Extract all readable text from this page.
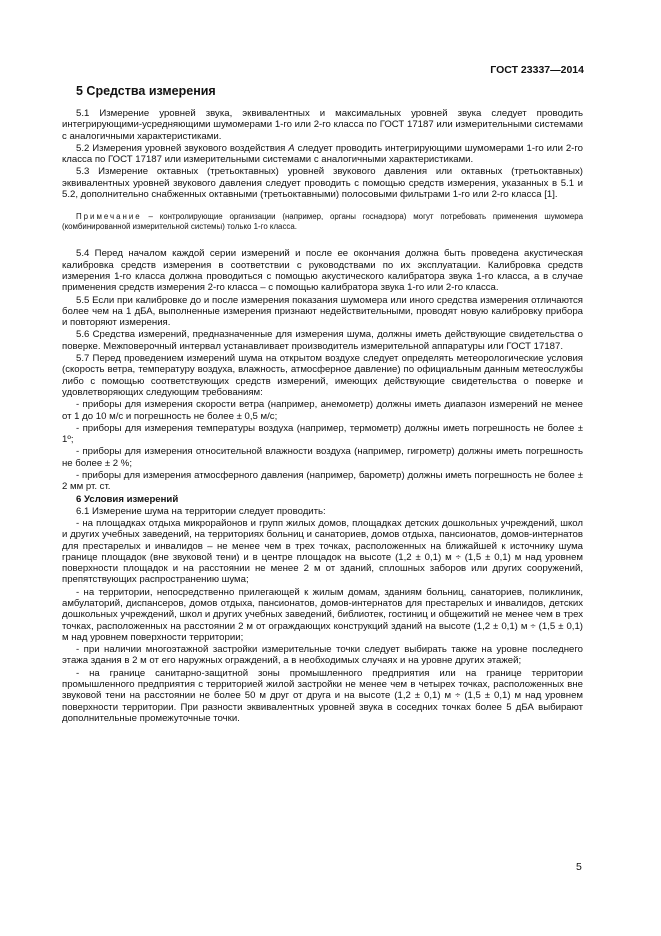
ГОСТ 23337—2014

5 Средства измерения

5.1 Измерение уровней звука, эквивалентных и максимальных уровней звука следует проводить интегрирующими-усредняющими шумомерами 1-го или 2-го класса по ГОСТ 17187 или измерительными системами с аналогичными характеристиками.

5.2 Измерения уровней звукового воздействия А следует проводить интегрирующими шумомерами 1-го или 2-го класса по ГОСТ 17187 или измерительными системами с аналогичными характеристиками.

5.3 Измерение октавных (третьоктавных) уровней звукового давления или октавных (третьоктавных) эквивалентных уровней звукового давления следует проводить с помощью средств измерения, указанных в 5.1 и 5.2, дополнительно снабженных октавными (третьоктавными) полосовыми фильтрами 1-го или 2-го класса [1].

Примечание – контролирующие организации (например, органы госнадзора) могут потребовать применения шумомера (комбинированной измерительной системы) только 1-го класса.

5.4 Перед началом каждой серии измерений и после ее окончания должна быть проведена акустическая калибровка средств измерения в соответствии с руководствами по их эксплуатации. Калибровка средств измерения 1-го класса должна проводиться с помощью акустического калибратора звука 1-го класса, а в случае применения средств измерения 2-го класса – с помощью калибратора звука 1-го или 2-го класса.

5.5 Если при калибровке до и после измерения показания шумомера или иного средства измерения отличаются более чем на 1 дБА, выполненные измерения признают недействительными, проводят новую калибровку прибора и повторяют измерения.

5.6 Средства измерений, предназначенные для измерения шума, должны иметь действующие свидетельства о поверке. Межповерочный интервал устанавливает производитель измерительной аппаратуры или ГОСТ 17187.

5.7 Перед проведением измерений шума на открытом воздухе следует определять метеорологические условия (скорость ветра, температуру воздуха, влажность, атмосферное давление) по официальным данным метеослужбы либо с помощью соответствующих средств измерений, имеющих действующие свидетельства о поверке и удовлетворяющих следующим требованиям:

- приборы для измерения скорости ветра (например, анемометр) должны иметь диапазон измерений не менее от 1 до 10 м/с и погрешность не более ± 0,5 м/с;

- приборы для измерения температуры воздуха (например, термометр) должны иметь погрешность не более ± 1º;

- приборы для измерения относительной влажности воздуха (например, гигрометр) должны иметь погрешность не более ± 2 %;

- приборы для измерения атмосферного давления (например, барометр) должны иметь погрешность не более ± 2 мм рт. ст.

6 Условия измерений

6.1 Измерение шума на территории следует проводить:

- на площадках отдыха микрорайонов и групп жилых домов, площадках детских дошкольных учреждений, школ и других учебных заведений, на территориях больниц и санаториев, домов отдыха, пансионатов, домов-интернатов для престарелых и инвалидов – не менее чем в трех точках, расположенных на ближайшей к источнику шума границе площадок (вне звуковой тени) и в центре площадок на высоте (1,2 ± 0,1) м ÷ (1,5 ± 0,1) м над уровнем поверхности площадок и на расстоянии не менее 2 м от зданий, сплошных заборов или других сооружений, препятствующих распространению шума;

- на территории, непосредственно прилегающей к жилым домам, зданиям больниц, санаториев, поликлиник, амбулаторий, диспансеров, домов отдыха, пансионатов, домов-интернатов для престарелых и инвалидов, детских дошкольных учреждений, школ и других учебных заведений, библиотек, гостиниц и общежитий не менее чем в трех точках, расположенных на расстоянии 2 м от ограждающих конструкций зданий на высоте (1,2 ± 0,1) м ÷ (1,5 ± 0,1) м над уровнем поверхности территории;

- при наличии многоэтажной застройки измерительные точки следует выбирать также на уровне последнего этажа здания в 2 м от его наружных ограждений, а в необходимых случаях и на уровне других этажей;

- на границе санитарно-защитной зоны промышленного предприятия или на границе территории промышленного предприятия с территорией жилой застройки не менее чем в четырех точках, расположенных вне звуковой тени на расстоянии не более 50 м друг от друга и на высоте (1,2 ± 0,1) м ÷ (1,5 ± 0,1) м над уровнем поверхности территории. При разности эквивалентных уровней звука в соседних точках более 5 дБА выбирают дополнительные промежуточные точки.

5
